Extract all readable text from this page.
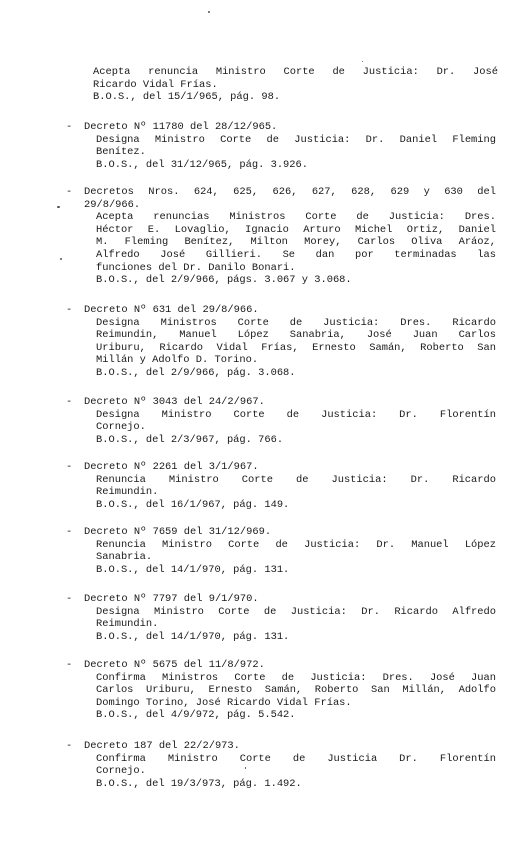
Acepta renuncia Ministro Corte de Justicia: Dr. José
Ricardo Vidal Frías.
B.O.S., del 15/1/965, pág. 98.
-	Decreto Nº 11780 del 28/12/965.
Designa Ministro Corte de Justicia: Dr. Daniel Fleming
Benítez.
B.O.S., del 31/12/965, pág. 3.926.
-	Decretos Nros. 624, 625, 626, 627, 628, 629 y 630 del
29/8/966.
Acepta renuncias Ministros Corte de Justicia: Dres.
Héctor E. Lovaglio, Ignacio Arturo Michel Ortiz, Daniel
M. Fleming Benítez, Milton Morey, Carlos Oliva Aráoz,
Alfredo José Gillieri. Se dan por terminadas las
funciones del Dr. Danilo Bonari.
B.O.S., del 2/9/966, págs. 3.067 y 3.068.
-	Decreto Nº 631 del 29/8/966.
Designa Ministros Corte de Justicia: Dres. Ricardo
Reimundin, Manuel López Sanabria, José Juan Carlos
Uriburu, Ricardo Vidal Frías, Ernesto Samán, Roberto San
Millán y Adolfo D. Torino.
B.O.S., del 2/9/966, pág. 3.068.
-	Decreto Nº 3043 del 24/2/967.
Designa Ministro Corte de Justicia: Dr. Florentín
Cornejo.
B.O.S., del 2/3/967, pág. 766.
-	Decreto Nº 2261 del 3/1/967.
Renuncia Ministro Corte de Justicia: Dr. Ricardo
Reimundin.
B.O.S., del 16/1/967, pág. 149.
-	Decreto Nº 7659 del 31/12/969.
Renuncia Ministro Corte de Justicia: Dr. Manuel López
Sanabria.
B.O.S., del 14/1/970, pág. 131.
-	Decreto Nº 7797 del 9/1/970.
Designa Ministro Corte de Justicia: Dr. Ricardo Alfredo
Reimundin.
B.O.S., del 14/1/970, pág. 131.
-	Decreto Nº 5675 del 11/8/972.
Confirma Ministros Corte de Justicia: Dres. José Juan
Carlos Uriburu, Ernesto Samán, Roberto San Millán, Adolfo
Domingo Torino, José Ricardo Vidal Frías.
B.O.S., del 4/9/972, pág. 5.542.
-	Decreto 187 del 22/2/973.
Confirma Ministro Corte de Justicia Dr. Florentín
Cornejo.
B.O.S., del 19/3/973, pág. 1.492.
